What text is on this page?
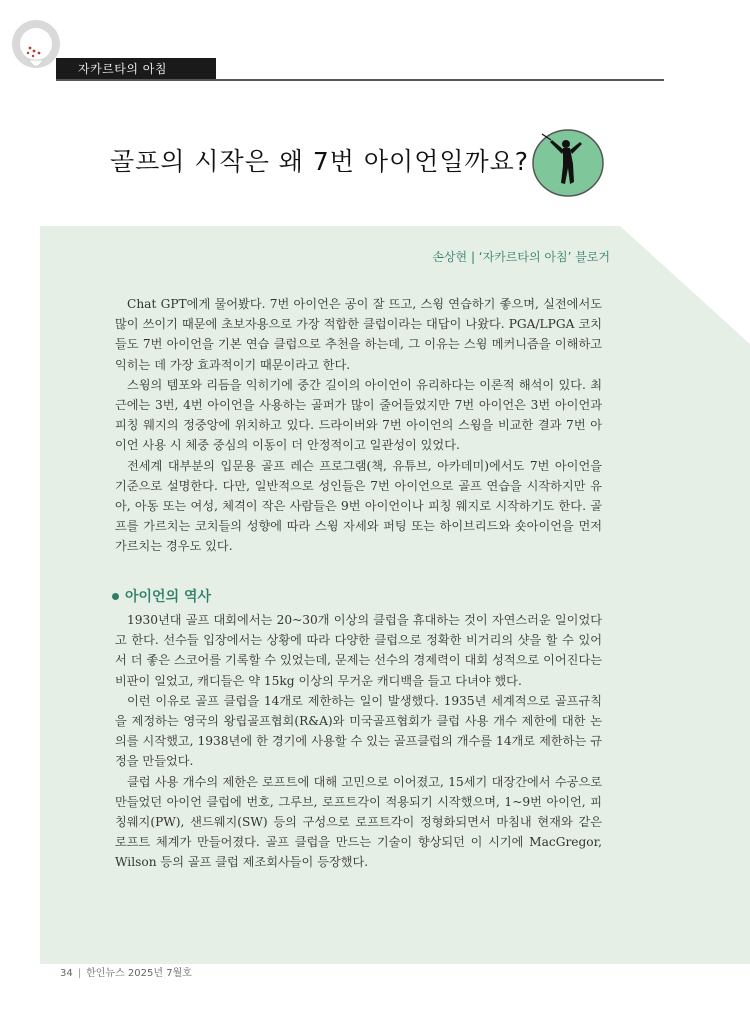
자카르타의 아침
골프의 시작은 왜 7번 아이언일까요?
손상현 | ‘자카르타의 아침’ 블로거

Chat GPT에게 물어봤다. 7번 아이언은 공이 잘 뜨고, 스윙 연습하기 좋으며, 실전에서도 많이 쓰이기 때문에 초보자용으로 가장 적합한 클럽이라는 대답이 나왔다. PGA/LPGA 코치들도 7번 아이언을 기본 연습 클럽으로 추천을 하는데, 그 이유는 스윙 메커니즘을 이해하고 익히는 데 가장 효과적이기 때문이라고 한다.

스윙의 템포와 리듬을 익히기에 중간 길이의 아이언이 유리하다는 이론적 해석이 있다. 최근에는 3번, 4번 아이언을 사용하는 골퍼가 많이 줄어들었지만 7번 아이언은 3번 아이언과 피칭 웨지의 정중앙에 위치하고 있다. 드라이버와 7번 아이언의 스윙을 비교한 결과 7번 아이언 사용 시 체중 중심의 이동이 더 안정적이고 일관성이 있었다.

전세계 대부분의 입문용 골프 레슨 프로그램(책, 유튜브, 아카데미)에서도 7번 아이언을 기준으로 설명한다. 다만, 일반적으로 성인들은 7번 아이언으로 골프 연습을 시작하지만 유아, 아동 또는 여성, 체격이 작은 사람들은 9번 아이언이나 피칭 웨지로 시작하기도 한다. 골프를 가르치는 코치들의 성향에 따라 스윙 자세와 퍼팅 또는 하이브리드와 숏아이언을 먼저 가르치는 경우도 있다.

아이언의 역사

1930년대 골프 대회에서는 20~30개 이상의 클럽을 휴대하는 것이 자연스러운 일이었다고 한다. 선수들 입장에서는 상황에 따라 다양한 클럽으로 정확한 비거리의 샷을 할 수 있어서 더 좋은 스코어를 기록할 수 있었는데, 문제는 선수의 경제력이 대회 성적으로 이어진다는 비판이 일었고, 캐디들은 약 15kg 이상의 무거운 캐디백을 들고 다녀야 했다.

이런 이유로 골프 클럽을 14개로 제한하는 일이 발생했다. 1935년 세계적으로 골프규칙을 제정하는 영국의 왕립골프협회(R&A)와 미국골프협회가 클럽 사용 개수 제한에 대한 논의를 시작했고, 1938년에 한 경기에 사용할 수 있는 골프클럽의 개수를 14개로 제한하는 규정을 만들었다.

클럽 사용 개수의 제한은 로프트에 대해 고민으로 이어졌고, 15세기 대장간에서 수공으로 만들었던 아이언 클럽에 번호, 그루브, 로프트각이 적용되기 시작했으며, 1~9번 아이언, 피칭웨지(PW), 샌드웨지(SW) 등의 구성으로 로프트각이 정형화되면서 마침내 현재와 같은 로프트 체계가 만들어졌다. 골프 클럽을 만드는 기술이 향상되던 이 시기에 MacGregor, Wilson 등의 골프 클럽 제조회사들이 등장했다.

34 | 한인뉴스 2025년 7월호
